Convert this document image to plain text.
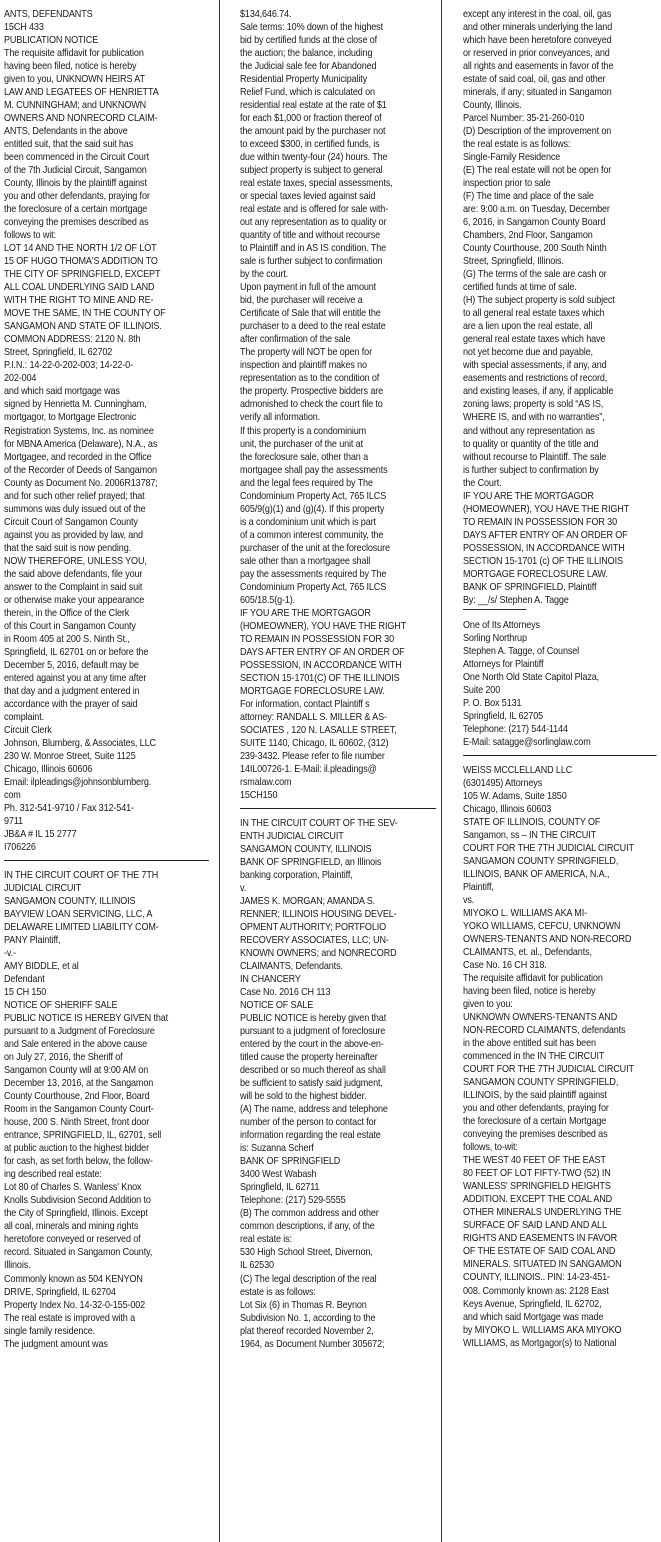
ANTS, DEFENDANTS
15CH 433
PUBLICATION NOTICE
The requisite affidavit for publication
having been filed, notice is hereby
given to you, UNKNOWN HEIRS AT
LAW AND LEGATEES OF HENRIETTA
M. CUNNINGHAM; and UNKNOWN
OWNERS AND NONRECORD CLAIM-
ANTS, Defendants in the above
entitled suit, that the said suit has
been commenced in the Circuit Court
of the 7th Judicial Circuit, Sangamon
County, Illinois by the plaintiff against
you and other defendants, praying for
the foreclosure of a certain mortgage
conveying the premises described as
follows to wit:
LOT 14 AND THE NORTH 1/2 OF LOT
15 OF HUGO THOMA'S ADDITION TO
THE CITY OF SPRINGFIELD, EXCEPT
ALL COAL UNDERLYING SAID LAND
WITH THE RIGHT TO MINE AND RE-
MOVE THE SAME, IN THE COUNTY OF
SANGAMON AND STATE OF ILLINOIS.
COMMON ADDRESS: 2120 N. 8th
Street, Springfield, IL 62702
P.I.N.: 14-22-0-202-003; 14-22-0-
202-004
and which said mortgage was
signed by Henrietta M. Cunningham,
mortgagor, to Mortgage Electronic
Registration Systems, Inc. as nominee
for MBNA America (Delaware), N.A., as
Mortgagee, and recorded in the Office
of the Recorder of Deeds of Sangamon
County as Document No. 2006R13787;
and for such other relief prayed; that
summons was duly issued out of the
Circuit Court of Sangamon County
against you as provided by law, and
that the said suit is now pending.
NOW THEREFORE, UNLESS YOU,
the said above defendants, file your
answer to the Complaint in said suit
or otherwise make your appearance
therein, in the Office of the Clerk
of this Court in Sangamon County
in Room 405 at 200 S. Ninth St.,
Springfield, IL 62701 on or before the
December 5, 2016, default may be
entered against you at any time after
that day and a judgment entered in
accordance with the prayer of said
complaint.
Circuit Clerk
Johnson, Blumberg, & Associates, LLC
230 W. Monroe Street, Suite 1125
Chicago, Illinois 60606
Email: ilpleadings@johnsonblumberg.
com
Ph. 312-541-9710 / Fax 312-541-
9711
JB&A # IL 15 2777
I706226
IN THE CIRCUIT COURT OF THE 7TH
JUDICIAL CIRCUIT
SANGAMON COUNTY, ILLINOIS
BAYVIEW LOAN SERVICING, LLC, A
DELAWARE LIMITED LIABILITY COM-
PANY Plaintiff,
-v.-
AMY BIDDLE, et al
Defendant
15 CH 150
NOTICE OF SHERIFF SALE
PUBLIC NOTICE IS HEREBY GIVEN that
pursuant to a Judgment of Foreclosure
and Sale entered in the above cause
on July 27, 2016, the Sheriff of
Sangamon County will at 9:00 AM on
December 13, 2016, at the Sangamon
County Courthouse, 2nd Floor, Board
Room in the Sangamon County Court-
house, 200 S. Ninth Street, front door
entrance, SPRINGFIELD, IL, 62701, sell
at public auction to the highest bidder
for cash, as set forth below, the follow-
ing described real estate:
Lot 80 of Charles S. Wanless' Knox
Knolls Subdivision Second Addition to
the City of Springfield, Illinois. Except
all coal, minerals and mining rights
heretofore conveyed or reserved of
record. Situated in Sangamon County,
Illinois.
Commonly known as 504 KENYON
DRIVE, Springfield, IL 62704
Property Index No. 14-32-0-155-002
The real estate is improved with a
single family residence.
The judgment amount was
$134,646.74.
Sale terms: 10% down of the highest
bid by certified funds at the close of
the auction; the balance, including
the Judicial sale fee for Abandoned
Residential Property Municipality
Relief Fund, which is calculated on
residential real estate at the rate of $1
for each $1,000 or fraction thereof of
the amount paid by the purchaser not
to exceed $300, in certified funds, is
due within twenty-four (24) hours. The
subject property is subject to general
real estate taxes, special assessments,
or special taxes levied against said
real estate and is offered for sale with-
out any representation as to quality or
quantity of title and without recourse
to Plaintiff and in AS IS condition. The
sale is further subject to confirmation
by the court.
Upon payment in full of the amount
bid, the purchaser will receive a
Certificate of Sale that will entitle the
purchaser to a deed to the real estate
after confirmation of the sale
The property will NOT be open for
inspection and plaintiff makes no
representation as to the condition of
the property. Prospective bidders are
admonished to check the court file to
verify all information.
If this property is a condominium
unit, the purchaser of the unit at
the foreclosure sale, other than a
mortgagee shall pay the assessments
and the legal fees required by The
Condominium Property Act, 765 ILCS
605/9(g)(1) and (g)(4). If this property
is a condominium unit which is part
of a common interest community, the
purchaser of the unit at the foreclosure
sale other than a mortgagee shall
pay the assessments required by The
Condominium Property Act, 765 ILCS
605/18.5(g-1).
IF YOU ARE THE MORTGAGOR
(HOMEOWNER), YOU HAVE THE RIGHT
TO REMAIN IN POSSESSION FOR 30
DAYS AFTER ENTRY OF AN ORDER OF
POSSESSION, IN ACCORDANCE WITH
SECTION 15-1701(C) OF THE ILLINOIS
MORTGAGE FORECLOSURE LAW.
For information, contact Plaintiff s
attorney: RANDALL S. MILLER & AS-
SOCIATES , 120 N. LASALLE STREET,
SUITE 1140, Chicago, IL 60602, (312)
239-3432. Please refer to file number
14IL00726-1. E-Mail: il.pleadings@
rsmalaw.com
15CH150
IN THE CIRCUIT COURT OF THE SEV-
ENTH JUDICIAL CIRCUIT
SANGAMON COUNTY, ILLINOIS
BANK OF SPRINGFIELD, an Illinois
banking corporation, Plaintiff,
v.
JAMES K. MORGAN; AMANDA S.
RENNER; ILLINOIS HOUSING DEVEL-
OPMENT AUTHORITY; PORTFOLIO
RECOVERY ASSOCIATES, LLC; UN-
KNOWN OWNERS; and NONRECORD
CLAIMANTS, Defendants.
IN CHANCERY
Case No. 2016 CH 113
NOTICE OF SALE
PUBLIC NOTICE is hereby given that
pursuant to a judgment of foreclosure
entered by the court in the above-en-
titled cause the property hereinafter
described or so much thereof as shall
be sufficient to satisfy said judgment,
will be sold to the highest bidder.
(A) The name, address and telephone
number of the person to contact for
information regarding the real estate
is: Suzanna Scherf
BANK OF SPRINGFIELD
3400 West Wabash
Springfield, IL 62711
Telephone: (217) 529-5555
(B) The common address and other
common descriptions, if any, of the
real estate is:
530 High School Street, Divernon,
IL 62530
(C) The legal description of the real
estate is as follows:
Lot Six (6) in Thomas R. Beynon
Subdivision No. 1, according to the
plat thereof recorded November 2,
1964, as Document Number 305672;
except any interest in the coal, oil, gas
and other minerals underlying the land
which have been heretofore conveyed
or reserved in prior conveyances, and
all rights and easements in favor of the
estate of said coal, oil, gas and other
minerals, if any; situated in Sangamon
County, Illinois.
Parcel Number: 35-21-260-010
(D) Description of the improvement on
the real estate is as follows:
Single-Family Residence
(E) The real estate will not be open for
inspection prior to sale
(F) The time and place of the sale
are: 9:00 a.m. on Tuesday, December
6, 2016, in Sangamon County Board
Chambers, 2nd Floor, Sangamon
County Courthouse, 200 South Ninth
Street, Springfield, Illinois.
(G) The terms of the sale are cash or
certified funds at time of sale.
(H) The subject property is sold subject
to all general real estate taxes which
are a lien upon the real estate, all
general real estate taxes which have
not yet become due and payable,
with special assessments, if any, and
easements and restrictions of record,
and existing leases, if any, if applicable
zoning laws; property is sold “AS IS,
WHERE IS, and with no warranties”,
and without any representation as
to quality or quantity of the title and
without recourse to Plaintiff. The sale
is further subject to confirmation by
the Court.
IF YOU ARE THE MORTGAGOR
(HOMEOWNER), YOU HAVE THE RIGHT
TO REMAIN IN POSSESSION FOR 30
DAYS AFTER ENTRY OF AN ORDER OF
POSSESSION, IN ACCORDANCE WITH
SECTION 15-1701 (c) OF THE ILLINOIS
MORTGAGE FORECLOSURE LAW.
BANK OF SPRINGFIELD, Plaintiff
By: __/s/ Stephen A. Tagge
One of Its Attorneys
Sorling Northrup
Stephen A. Tagge, of Counsel
Attorneys for Plaintiff
One North Old State Capitol Plaza,
Suite 200
P. O. Box 5131
Springfield, IL 62705
Telephone: (217) 544-1144
E-Mail: satagge@sorlinglaw.com
WEISS MCCLELLAND LLC
(6301495) Attorneys
105 W. Adams, Suite 1850
Chicago, Illinois 60603
STATE OF ILLINOIS, COUNTY OF
Sangamon, ss – IN THE CIRCUIT
COURT FOR THE 7TH JUDICIAL CIRCUIT
SANGAMON COUNTY SPRINGFIELD,
ILLINOIS, BANK OF AMERICA, N.A.,
Plaintiff,
vs.
MIYOKO L. WILLIAMS AKA MI-
YOKO WILLIAMS, CEFCU, UNKNOWN
OWNERS-TENANTS AND NON-RECORD
CLAIMANTS, et. al., Defendants,
Case No. 16 CH 318.
The requisite affidavit for publication
having been filed, notice is hereby
given to you:
UNKNOWN OWNERS-TENANTS AND
NON-RECORD CLAIMANTS, defendants
in the above entitled suit has been
commenced in the IN THE CIRCUIT
COURT FOR THE 7TH JUDICIAL CIRCUIT
SANGAMON COUNTY SPRINGFIELD,
ILLINOIS, by the said plaintiff against
you and other defendants, praying for
the foreclosure of a certain Mortgage
conveying the premises described as
follows, to-wit:
THE WEST 40 FEET OF THE EAST
80 FEET OF LOT FIFTY-TWO (52) IN
WANLESS' SPRINGFIELD HEIGHTS
ADDITION. EXCEPT THE COAL AND
OTHER MINERALS UNDERLYING THE
SURFACE OF SAID LAND AND ALL
RIGHTS AND EASEMENTS IN FAVOR
OF THE ESTATE OF SAID COAL AND
MINERALS. SITUATED IN SANGAMON
COUNTY, ILLINOIS.. PIN: 14-23-451-
008. Commonly known as: 2128 East
Keys Avenue, Springfield, IL 62702,
and which said Mortgage was made
by MIYOKO L. WILLIAMS AKA MIYOKO
WILLIAMS, as Mortgagor(s) to National
